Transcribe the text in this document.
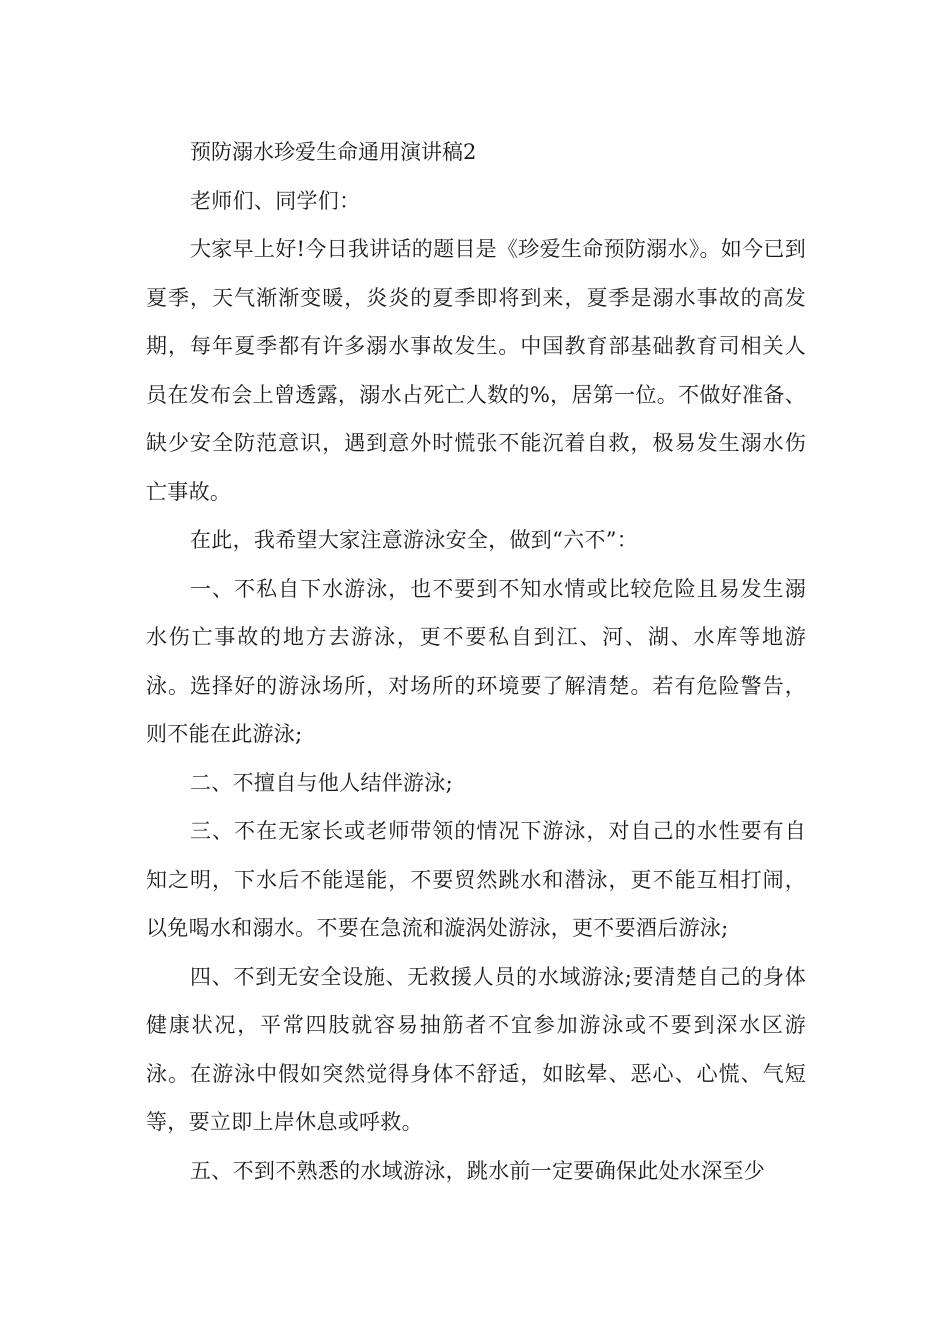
预防溺水珍爱生命通用演讲稿2

老师们、同学们：

大家早上好!今日我讲话的题目是《珍爱生命预防溺水》。如今已到夏季，天气渐渐变暖，炎炎的夏季即将到来，夏季是溺水事故的高发期，每年夏季都有许多溺水事故发生。中国教育部基础教育司相关人员在发布会上曾透露，溺水占死亡人数的%，居第一位。不做好准备、缺少安全防范意识，遇到意外时慌张不能沉着自救，极易发生溺水伤亡事故。

在此，我希望大家注意游泳安全，做到“六不”：

一、不私自下水游泳，也不要到不知水情或比较危险且易发生溺水伤亡事故的地方去游泳，更不要私自到江、河、湖、水库等地游泳。选择好的游泳场所，对场所的环境要了解清楚。若有危险警告，则不能在此游泳;

二、不擅自与他人结伴游泳;

三、不在无家长或老师带领的情况下游泳，对自己的水性要有自知之明，下水后不能逞能，不要贸然跳水和潜泳，更不能互相打闹，以免喝水和溺水。不要在急流和漩涡处游泳，更不要酒后游泳;

四、不到无安全设施、无救援人员的水域游泳;要清楚自己的身体健康状况，平常四肢就容易抽筋者不宜参加游泳或不要到深水区游泳。在游泳中假如突然觉得身体不舒适，如眩晕、恶心、心慌、气短等，要立即上岸休息或呼救。

五、不到不熟悉的水域游泳，跳水前一定要确保此处水深至少
